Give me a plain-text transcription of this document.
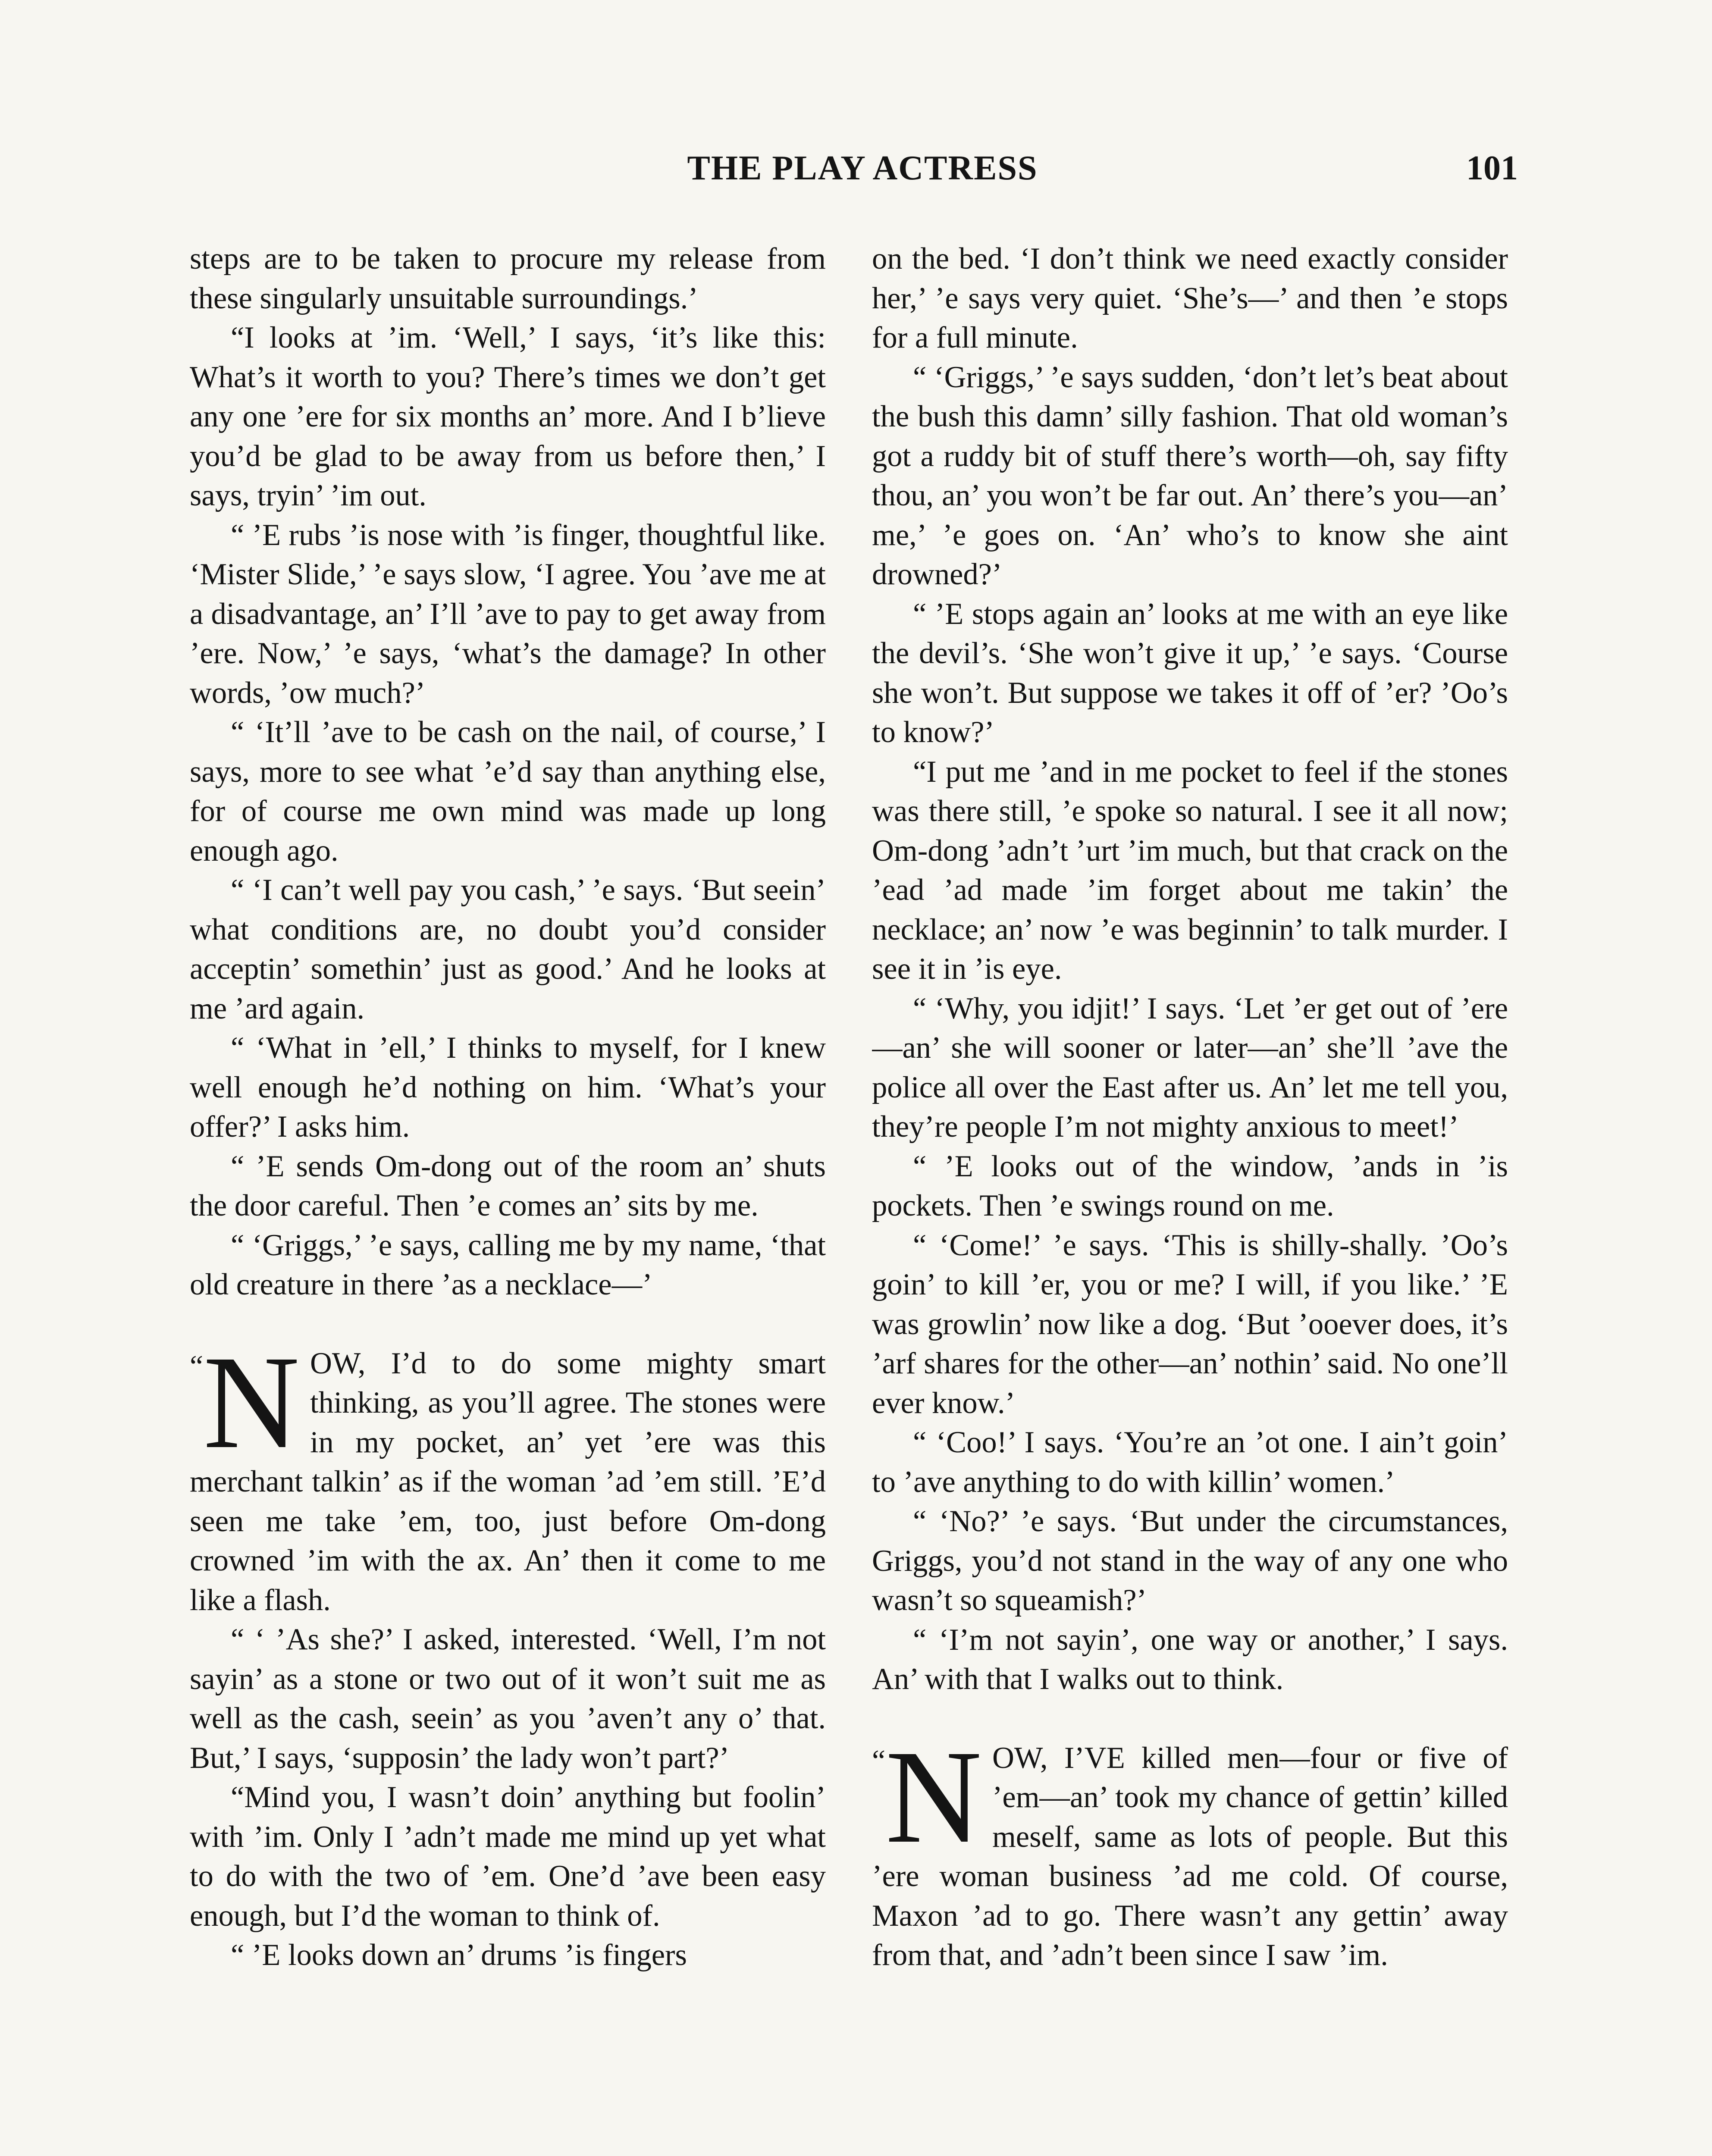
THE PLAY ACTRESS	101

steps are to be taken to procure my release from these singularly unsuitable surroundings.’

“I looks at ’im. ‘Well,’ I says, ‘it’s like this: What’s it worth to you? There’s times we don’t get any one ’ere for six months an’ more. And I b’lieve you’d be glad to be away from us before then,’ I says, tryin’ ’im out.

“ ’E rubs ’is nose with ’is finger, thoughtful like. ‘Mister Slide,’ ’e says slow, ‘I agree. You ’ave me at a disadvantage, an’ I’ll ’ave to pay to get away from ’ere. Now,’ ’e says, ‘what’s the damage? In other words, ’ow much?’

“ ‘It’ll ’ave to be cash on the nail, of course,’ I says, more to see what ’e’d say than anything else, for of course me own mind was made up long enough ago.

“ ‘I can’t well pay you cash,’ ’e says. ‘But seein’ what conditions are, no doubt you’d consider acceptin’ somethin’ just as good.’ And he looks at me ’ard again.

“ ‘What in ’ell,’ I thinks to myself, for I knew well enough he’d nothing on him. ‘What’s your offer?’ I asks him.

“ ’E sends Om-dong out of the room an’ shuts the door careful. Then ’e comes an’ sits by me.

“ ‘Griggs,’ ’e says, calling me by my name, ‘that old creature in there ’as a necklace—’

“ N OW, I’d to do some mighty smart thinking, as you’ll agree. The stones were in my pocket, an’ yet ’ere was this merchant talkin’ as if the woman ’ad ’em still. ’E’d seen me take ’em, too, just before Om-dong crowned ’im with the ax. An’ then it come to me like a flash.

“ ‘ ’As she?’ I asked, interested. ‘Well, I’m not sayin’ as a stone or two out of it won’t suit me as well as the cash, seein’ as you ’aven’t any o’ that. But,’ I says, ‘supposin’ the lady won’t part?’

“Mind you, I wasn’t doin’ anything but foolin’ with ’im. Only I ’adn’t made me mind up yet what to do with the two of ’em. One’d ’ave been easy enough, but I’d the woman to think of.

“ ’E looks down an’ drums ’is fingers

on the bed. ‘I don’t think we need exactly consider her,’ ’e says very quiet. ‘She’s—’ and then ’e stops for a full minute.

“ ‘Griggs,’ ’e says sudden, ‘don’t let’s beat about the bush this damn’ silly fashion. That old woman’s got a ruddy bit of stuff there’s worth—oh, say fifty thou, an’ you won’t be far out. An’ there’s you—an’ me,’ ’e goes on. ‘An’ who’s to know she aint drowned?’

“ ’E stops again an’ looks at me with an eye like the devil’s. ‘She won’t give it up,’ ’e says. ‘Course she won’t. But suppose we takes it off of ’er? ’Oo’s to know?’

“I put me ’and in me pocket to feel if the stones was there still, ’e spoke so natural. I see it all now; Om-dong ’adn’t ’urt ’im much, but that crack on the ’ead ’ad made ’im forget about me takin’ the necklace; an’ now ’e was beginnin’ to talk murder. I see it in ’is eye.

“ ‘Why, you idjit!’ I says. ‘Let ’er get out of ’ere—an’ she will sooner or later—an’ she’ll ’ave the police all over the East after us. An’ let me tell you, they’re people I’m not mighty anxious to meet!’

“ ’E looks out of the window, ’ands in ’is pockets. Then ’e swings round on me.

“ ‘Come!’ ’e says. ‘This is shilly-shally. ’Oo’s goin’ to kill ’er, you or me? I will, if you like.’ ’E was growlin’ now like a dog. ‘But ’ooever does, it’s ’arf shares for the other—an’ nothin’ said. No one’ll ever know.’

“ ‘Coo!’ I says. ‘You’re an ’ot one. I ain’t goin’ to ’ave anything to do with killin’ women.’

“ ‘No?’ ’e says. ‘But under the circumstances, Griggs, you’d not stand in the way of any one who wasn’t so squeamish?’

“ ‘I’m not sayin’, one way or another,’ I says. An’ with that I walks out to think.

“ N OW, I’VE killed men—four or five of ’em—an’ took my chance of gettin’ killed meself, same as lots of people. But this ’ere woman business ’ad me cold. Of course, Maxon ’ad to go. There wasn’t any gettin’ away from that, and ’adn’t been since I saw ’im.
